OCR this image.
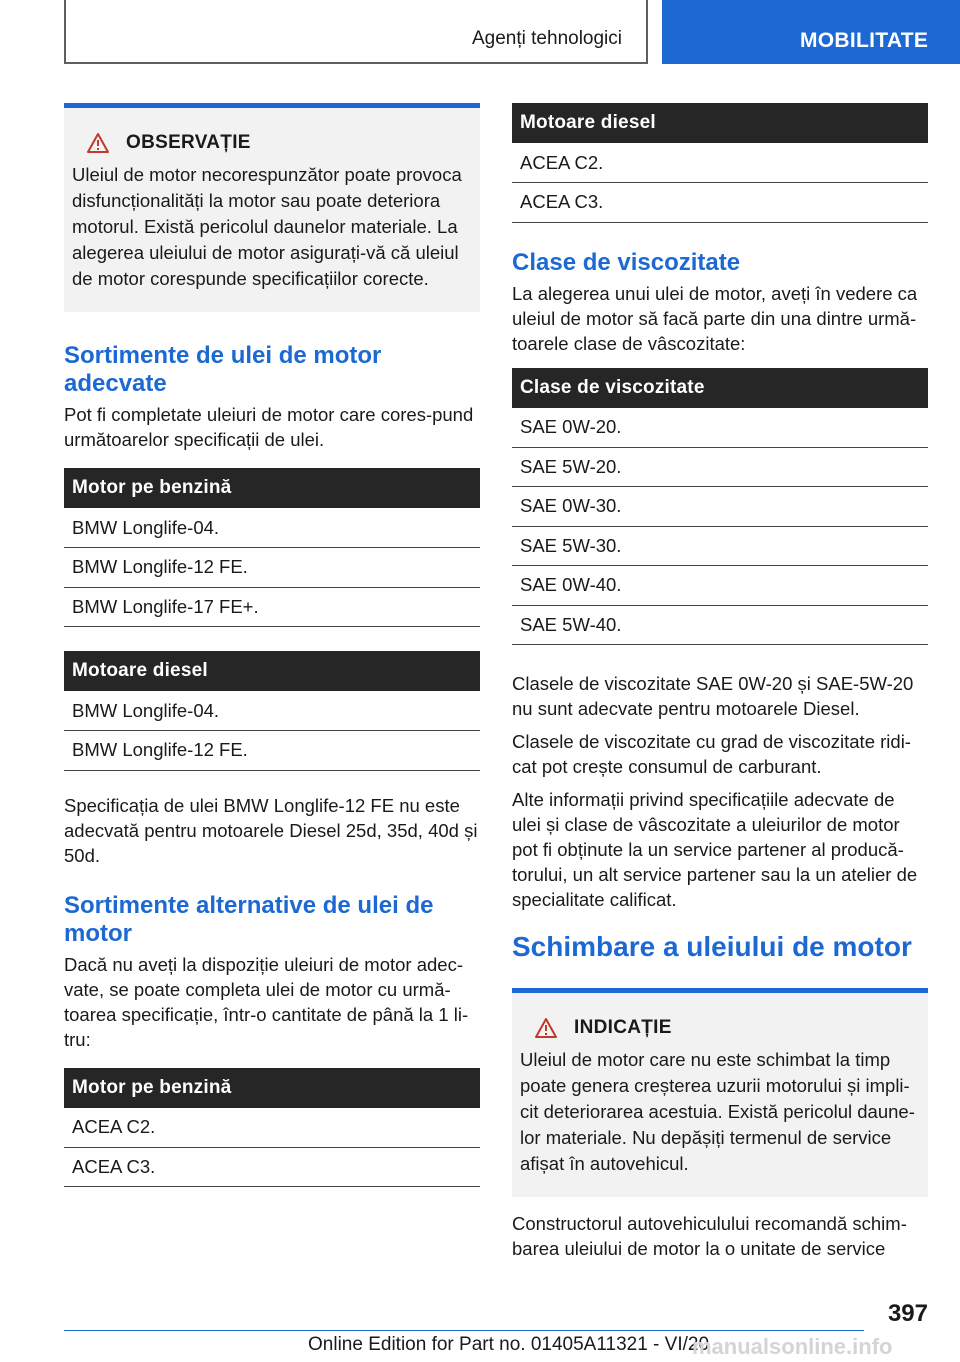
Agenți tehnologici	MOBILITATE
OBSERVAȚIE
Uleiul de motor necorespunzător poate provoca disfuncționalități la motor sau poate deteriora motorul. Există pericolul daunelor materiale. La alegerea uleiului de motor asigurați-vă că uleiul de motor corespunde specificațiilor corecte.
Sortimente de ulei de motor adecvate

Pot fi completate uleiuri de motor care cores-pund următoarelor specificații de ulei.

Motor pe benzină
BMW Longlife-04.
BMW Longlife-12 FE.
BMW Longlife-17 FE+.
Motoare diesel
BMW Longlife-04.
BMW Longlife-12 FE.

Specificația de ulei BMW Longlife-12 FE nu este adecvată pentru motoarele Diesel 25d, 35d, 40d și 50d.

Sortimente alternative de ulei de motor

Dacă nu aveți la dispoziție uleiuri de motor adec-vate, se poate completa ulei de motor cu urmă-toarea specificație, într-o cantitate de până la 1 li-tru:

Motor pe benzină
ACEA C2.
ACEA C3.
Motoare diesel
ACEA C2.
ACEA C3.
Clase de viscozitate

La alegerea unui ulei de motor, aveți în vedere ca uleiul de motor să facă parte din una dintre urmă-toarele clase de vâscozitate:

Clase de viscozitate
SAE 0W-20.
SAE 5W-20.
SAE 0W-30.
SAE 5W-30.
SAE 0W-40.
SAE 5W-40.

Clasele de viscozitate SAE 0W-20 și SAE-5W-20 nu sunt adecvate pentru motoarele Diesel.

Clasele de viscozitate cu grad de viscozitate ridi-cat pot crește consumul de carburant.

Alte informații privind specificațiile adecvate de ulei și clase de vâscozitate a uleiurilor de motor pot fi obținute la un service partener al producă-torului, un alt service partener sau la un atelier de specialitate calificat.

Schimbare a uleiului de motor
INDICAȚIE
Uleiul de motor care nu este schimbat la timp poate genera creșterea uzurii motorului și impli-cit deteriorarea acestuia. Există pericolul daune-lor materiale. Nu depășiți termenul de service afișat în autovehicul.

Constructorul autovehiculului recomandă schim-barea uleiului de motor la o unitate de service

397
Online Edition for Part no. 01405A11321 - VI/20
manualsonline.info
